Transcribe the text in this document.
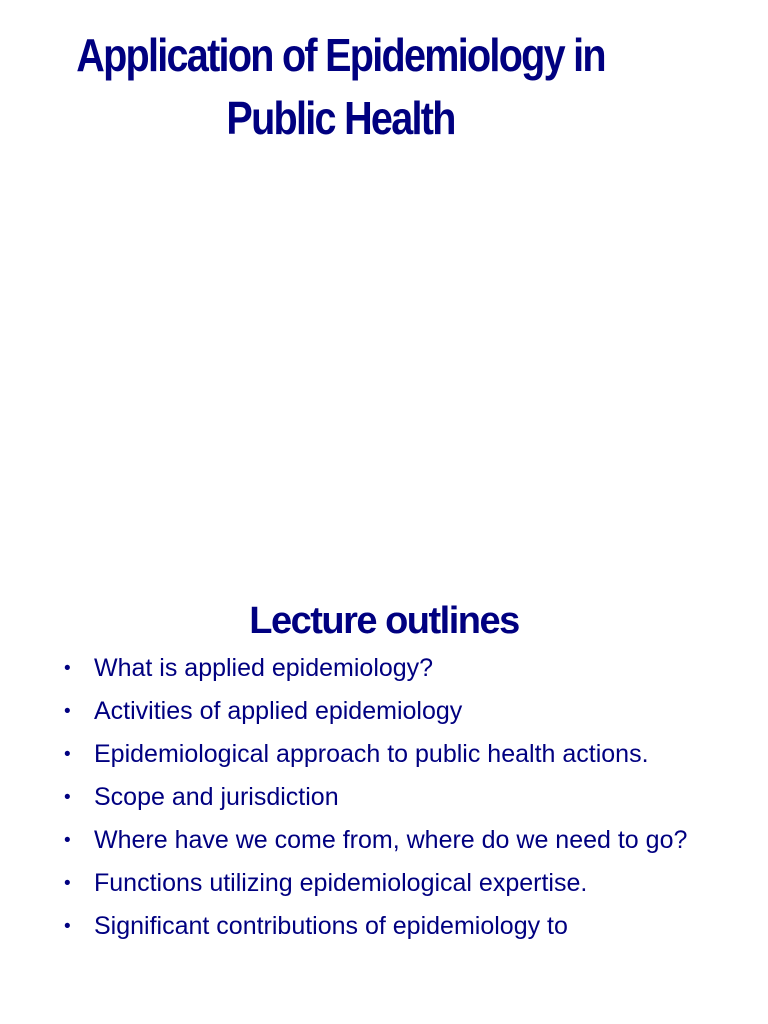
Application of Epidemiology in
Public Health
Lecture outlines
• What is applied epidemiology?
• Activities of applied epidemiology
• Epidemiological approach to public health actions.
• Scope and jurisdiction
• Where have we come from, where do we need to go?
• Functions utilizing epidemiological expertise.
• Significant contributions of epidemiology to
